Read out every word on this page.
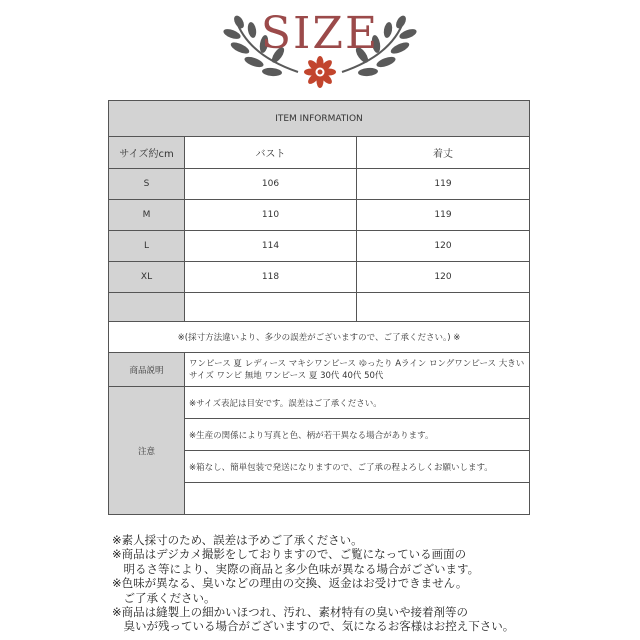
SIZE
ITEM INFORMATION		
サイズ約cm	バスト	着丈
S	106	119
M	110	119
L	114	120
XL	118	120

※(採寸方法違いより、多少の誤差がございますので、ご了承ください。) ※		
商品説明	ワンピース 夏 レディース マキシワンピース ゆったり Aライン ロングワンピース 大きいサイズ ワンピ 無地 ワンピース 夏 30代 40代 50代	
注意	※サイズ表記は目安です。誤差はご了承ください。	
	※生産の関係により写真と色、柄が若干異なる場合があります。	
	※箱なし、簡単包装で発送になりますので、ご了承の程よろしくお願いします。	

※素人採寸のため、誤差は予めご了承ください。
※商品はデジカメ撮影をしておりますので、ご覧になっている画面の
　明るさ等により、実際の商品と多少色味が異なる場合がございます。
※色味が異なる、臭いなどの理由の交換、返金はお受けできません。
　ご了承ください。
※商品は縫製上の細かいほつれ、汚れ、素材特有の臭いや接着剤等の
　臭いが残っている場合がございますので、気になるお客様はお控え下さい。
